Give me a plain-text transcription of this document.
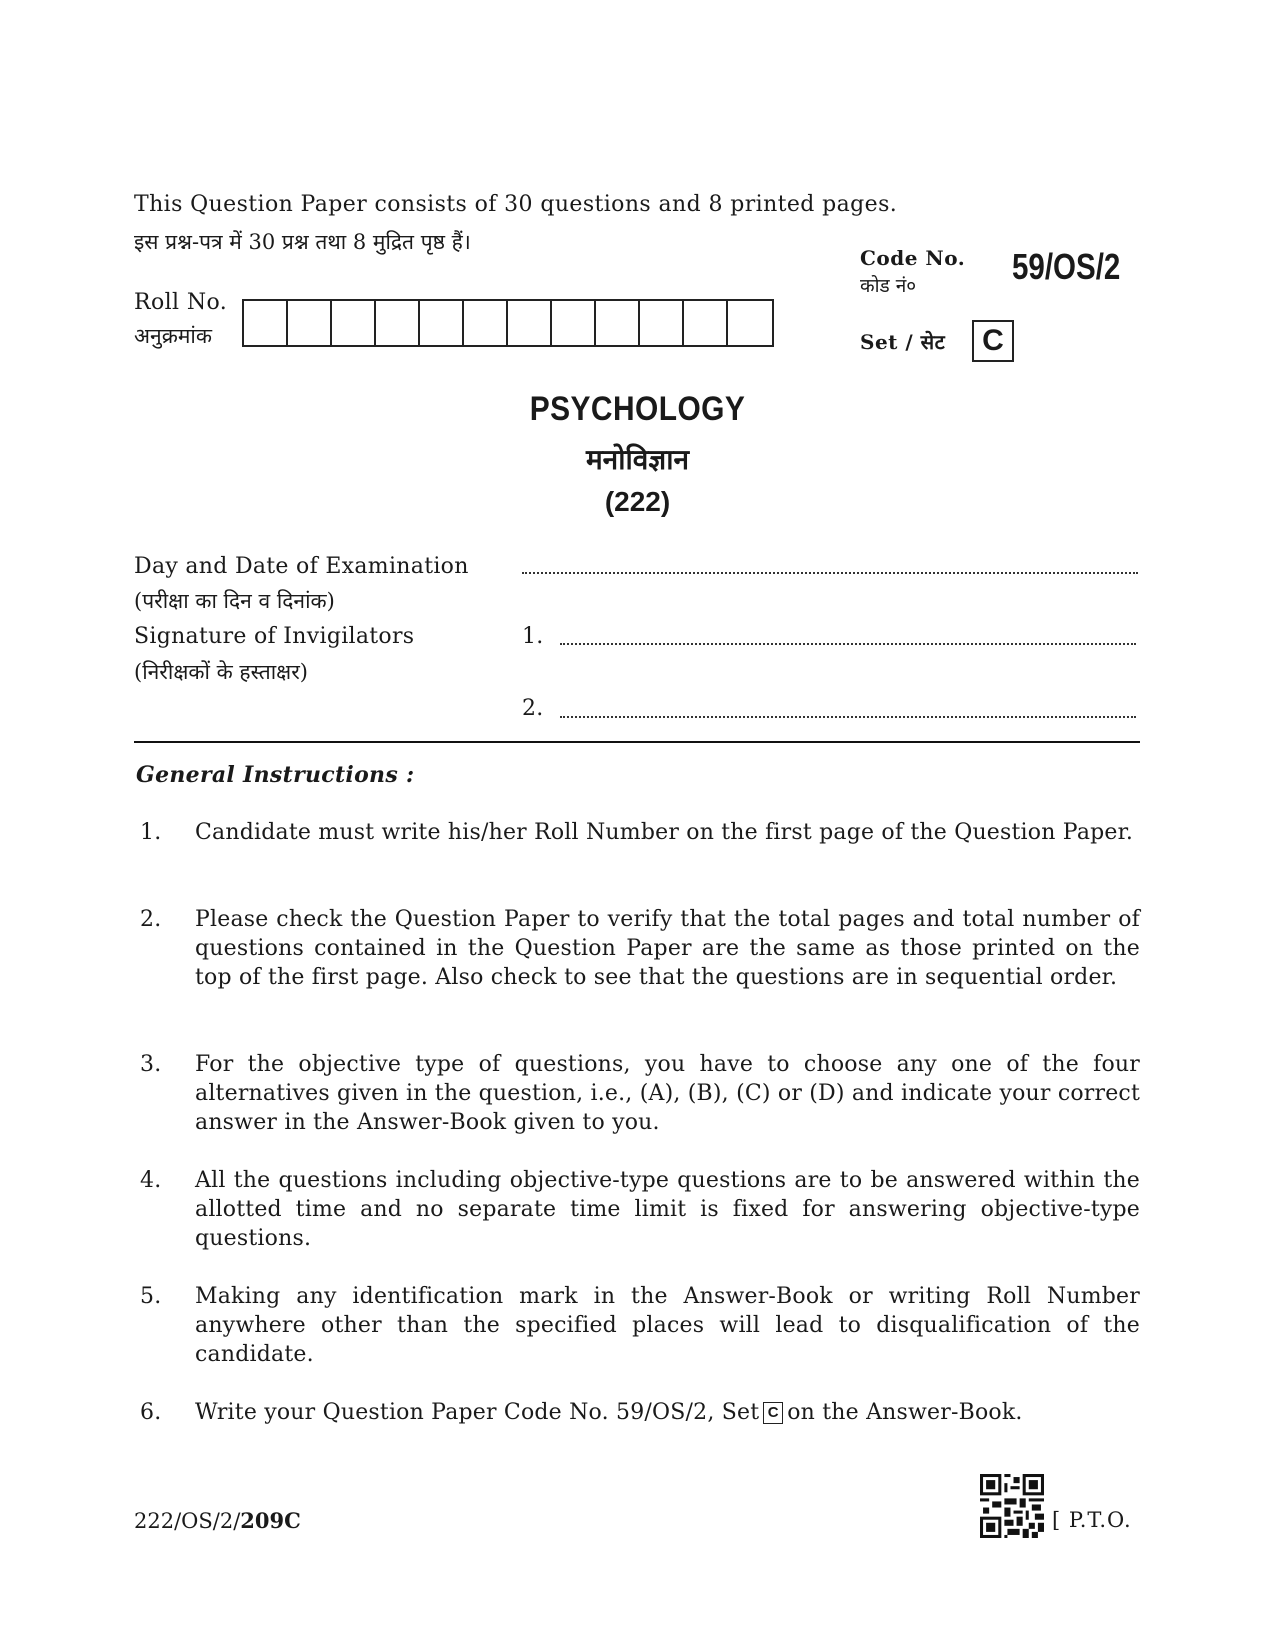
This Question Paper consists of 30 questions and 8 printed pages.
इस प्रश्न-पत्र में 30 प्रश्न तथा 8 मुद्रित पृष्ठ हैं।
Code No.
कोड नं०	59/OS/2
Roll No.
अनुक्रमांक	Set / सेट	C
PSYCHOLOGY
मनोविज्ञान
(222)
Day and Date of Examination
(परीक्षा का दिन व दिनांक)
Signature of Invigilators
(निरीक्षकों के हस्ताक्षर)
1.
2.
General Instructions :
1.	Candidate must write his/her Roll Number on the first page of the Question Paper.
2.	Please check the Question Paper to verify that the total pages and total number of questions contained in the Question Paper are the same as those printed on the top of the first page. Also check to see that the questions are in sequential order.
3.	For the objective type of questions, you have to choose any one of the four alternatives given in the question, i.e., (A), (B), (C) or (D) and indicate your correct answer in the Answer-Book given to you.
4.	All the questions including objective-type questions are to be answered within the allotted time and no separate time limit is fixed for answering objective-type questions.
5.	Making any identification mark in the Answer-Book or writing Roll Number anywhere other than the specified places will lead to disqualification of the candidate.
6.	Write your Question Paper Code No. 59/OS/2, Set C on the Answer-Book.
222/OS/2/209C	[ P.T.O.
